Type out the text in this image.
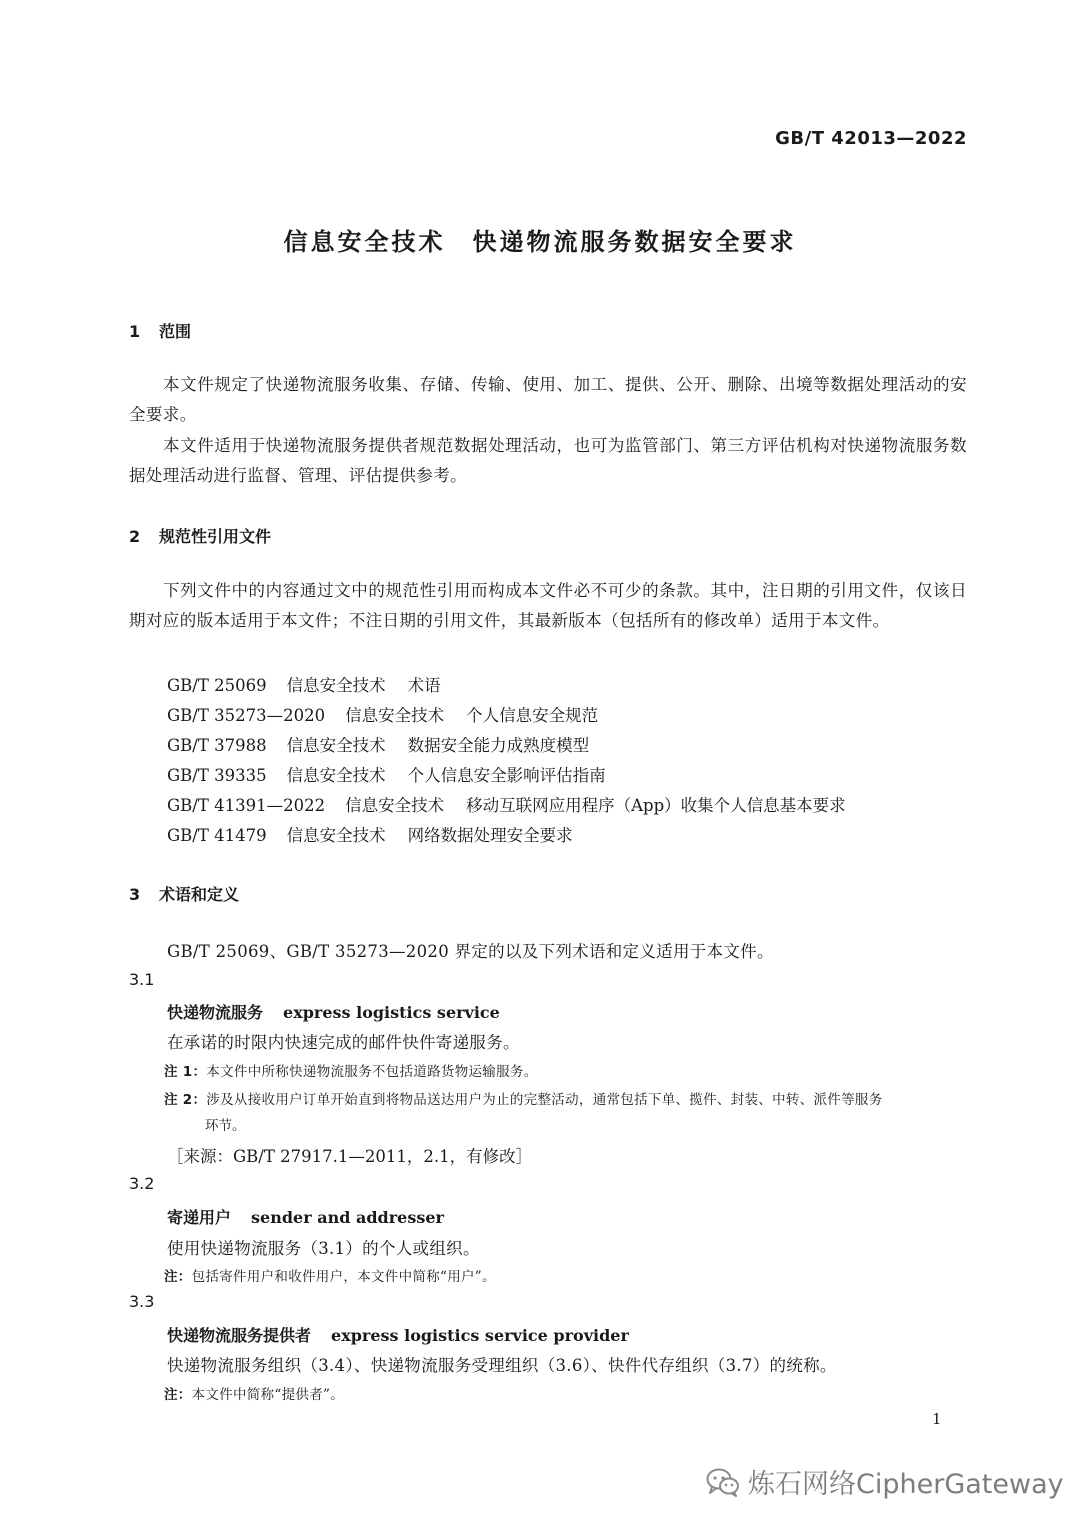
GB/T 42013—2022
信息安全技术　快递物流服务数据安全要求
1 范围
本文件规定了快递物流服务收集、存储、传输、使用、加工、提供、公开、删除、出境等数据处理活动的安全要求。
本文件适用于快递物流服务提供者规范数据处理活动，也可为监管部门、第三方评估机构对快递物流服务数据处理活动进行监督、管理、评估提供参考。
2 规范性引用文件
下列文件中的内容通过文中的规范性引用而构成本文件必不可少的条款。其中，注日期的引用文件，仅该日期对应的版本适用于本文件；不注日期的引用文件，其最新版本（包括所有的修改单）适用于本文件。
GB/T 25069 信息安全技术 术语
GB/T 35273—2020 信息安全技术 个人信息安全规范
GB/T 37988 信息安全技术 数据安全能力成熟度模型
GB/T 39335 信息安全技术 个人信息安全影响评估指南
GB/T 41391—2022 信息安全技术 移动互联网应用程序（App）收集个人信息基本要求
GB/T 41479 信息安全技术 网络数据处理安全要求
3 术语和定义
GB/T 25069、GB/T 35273—2020 界定的以及下列术语和定义适用于本文件。
3.1
快递物流服务 express logistics service
在承诺的时限内快速完成的邮件快件寄递服务。
注 1：本文件中所称快递物流服务不包括道路货物运输服务。
注 2：涉及从接收用户订单开始直到将物品送达用户为止的完整活动，通常包括下单、揽件、封装、中转、派件等服务
环节。
［来源：GB/T 27917.1—2011，2.1，有修改］
3.2
寄递用户 sender and addresser
使用快递物流服务（3.1）的个人或组织。
注：包括寄件用户和收件用户，本文件中简称“用户”。
3.3
快递物流服务提供者 express logistics service provider
快递物流服务组织（3.4）、快递物流服务受理组织（3.6）、快件代存组织（3.7）的统称。
注：本文件中简称“提供者”。
1
炼石网络CipherGateway
